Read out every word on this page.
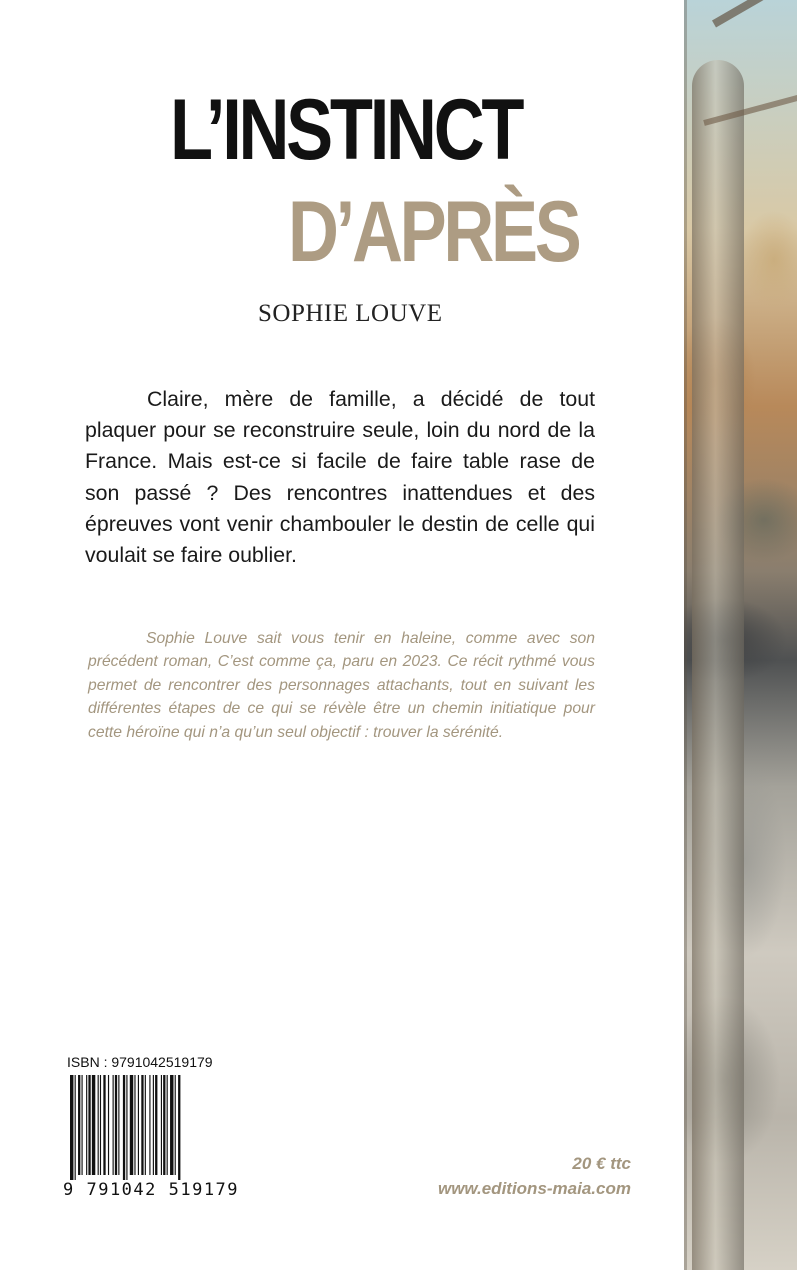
L’INSTINCT
D’APRÈS
SOPHIE LOUVE

Claire, mère de famille, a décidé de tout plaquer pour se reconstruire seule, loin du nord de la France. Mais est-ce si facile de faire table rase de son passé ? Des rencontres inattendues et des épreuves vont venir chambouler le destin de celle qui voulait se faire oublier.

Sophie Louve sait vous tenir en haleine, comme avec son précédent roman, C’est comme ça, paru en 2023. Ce récit rythmé vous permet de rencontrer des personnages attachants, tout en suivant les différentes étapes de ce qui se révèle être un chemin initiatique pour cette héroïne qui n’a qu’un seul objectif : trouver la sérénité.

ISBN : 9791042519179
9 791042 519179
20 € ttc
www.editions-maia.com
